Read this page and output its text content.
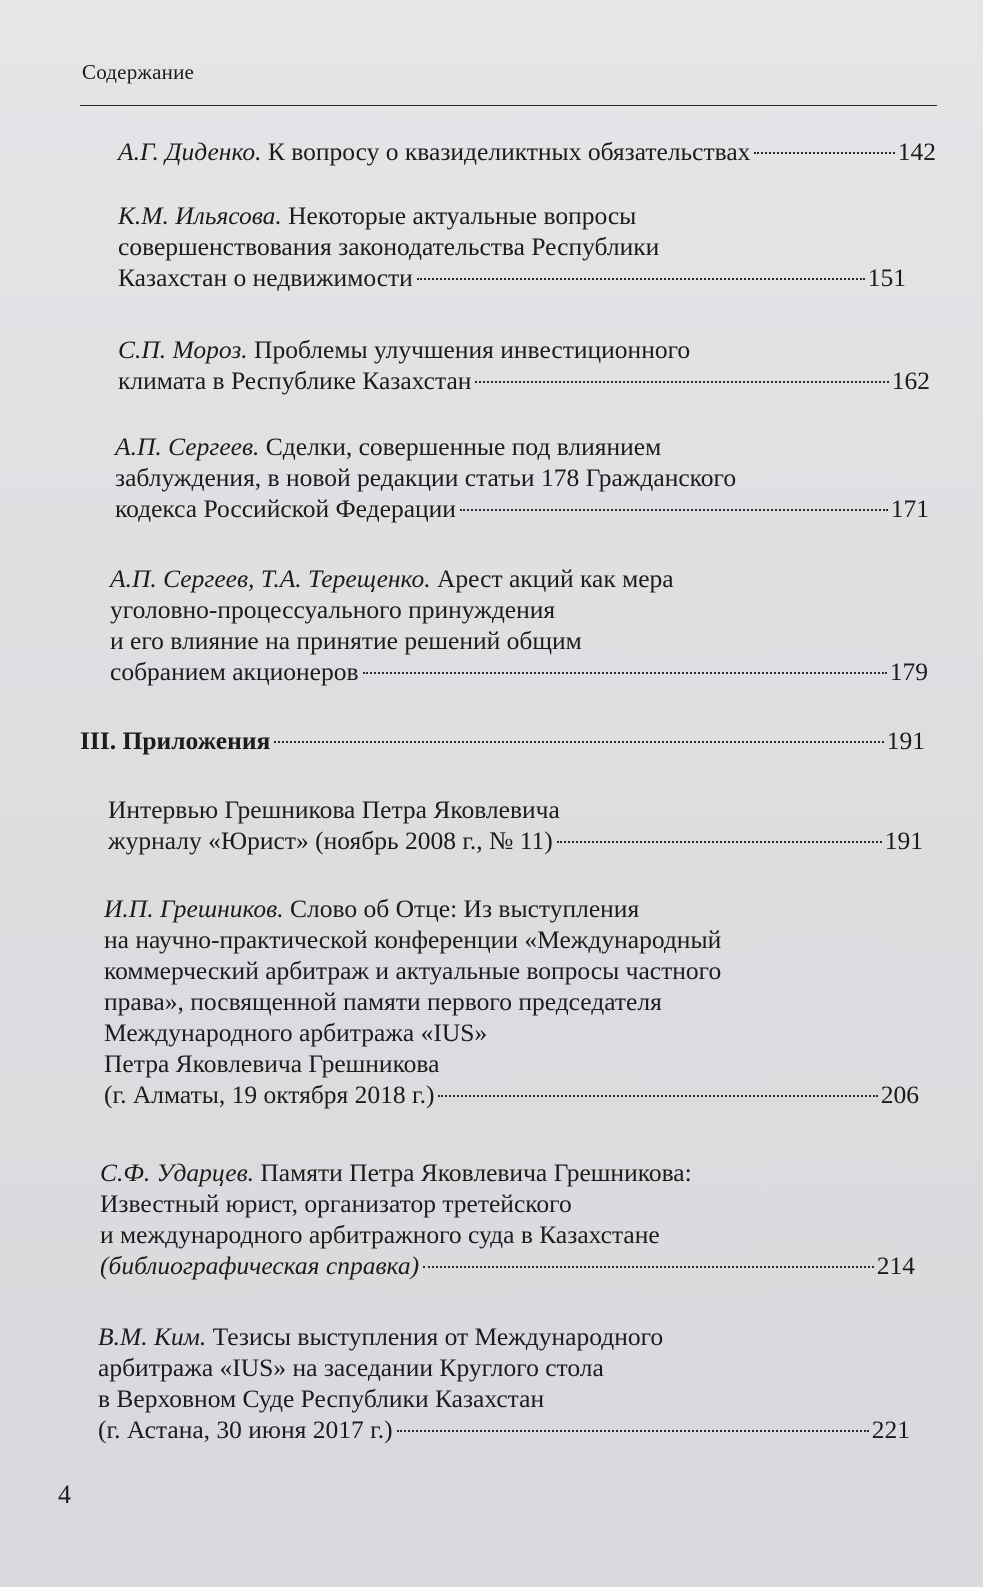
Содержание
А.Г. Диденко.
К вопросу о квазиделиктных обязательствах	142
К.М. Ильясова. Некоторые актуальные вопросы
совершенствования законодательства Республики
Казахстан о недвижимости	151
С.П. Мороз. Проблемы улучшения инвестиционного
климата в Республике Казахстан	162
А.П. Сергеев. Сделки, совершенные под влиянием
заблуждения, в новой редакции статьи 178 Гражданского
кодекса Российской Федерации	171
А.П. Сергеев, Т.А. Терещенко. Арест акций как мера
уголовно-процессуального принуждения
и его влияние на принятие решений общим
собранием акционеров	179
III. Приложения	191
Интервью Грешникова Петра Яковлевича
журналу «Юрист» (ноябрь 2008 г., № 11)	191
И.П. Грешников. Слово об Отце: Из выступления
на научно-практической конференции «Международный
коммерческий арбитраж и актуальные вопросы частного
права», посвященной памяти первого председателя
Международного арбитража «IUS»
Петра Яковлевича Грешникова
(г. Алматы, 19 октября 2018 г.)	206
С.Ф. Ударцев. Памяти Петра Яковлевича Грешникова:
Известный юрист, организатор третейского
и международного арбитражного суда в Казахстане
(библиографическая справка)	214
В.М. Ким. Тезисы выступления от Международного
арбитража «IUS» на заседании Круглого стола
в Верховном Суде Республики Казахстан
(г. Астана, 30 июня 2017 г.)	221
4
